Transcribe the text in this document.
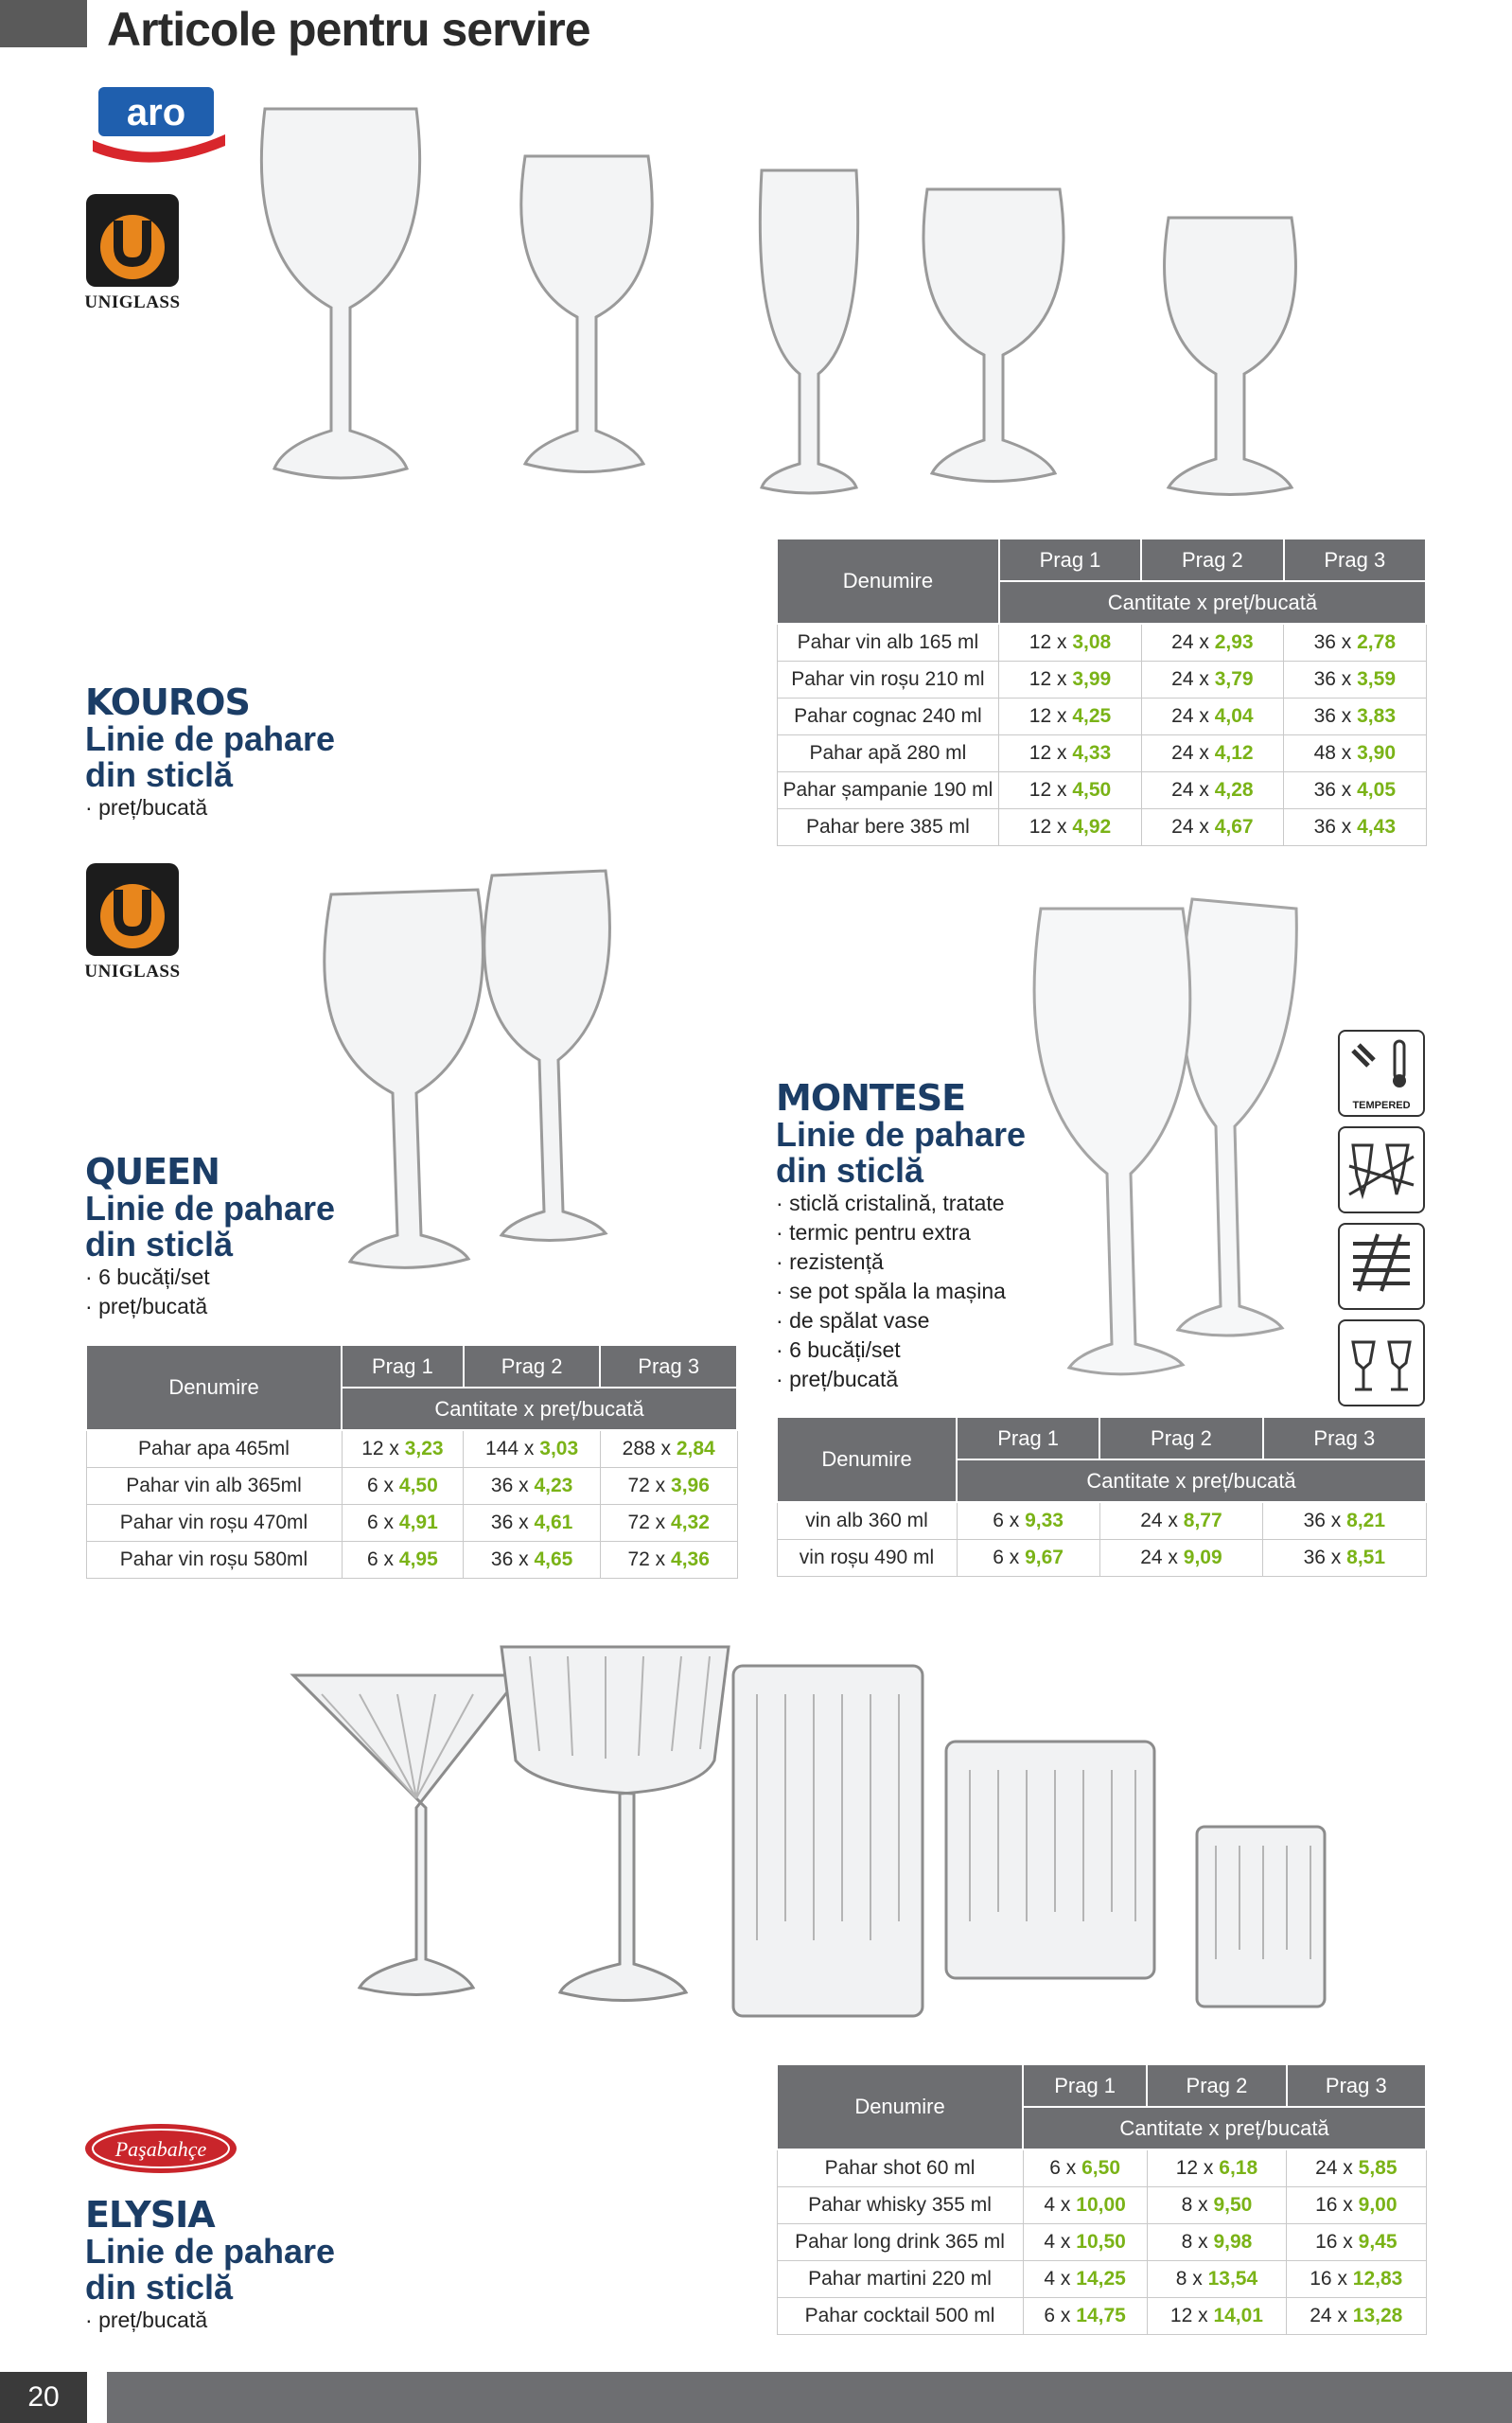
Articole pentru servire
aro
UNIGLASS
UNIGLASS
KOUROS
Linie de pahare
din sticlă
· preț/bucată
Denumire	Prag 1	Prag 2	Prag 3
	Cantitate x preț/bucată		
Pahar vin alb 165 ml	12 x 3,08	24 x 2,93	36 x 2,78
Pahar vin roșu 210 ml	12 x 3,99	24 x 3,79	36 x 3,59
Pahar cognac 240 ml	12 x 4,25	24 x 4,04	36 x 3,83
Pahar apă 280 ml	12 x 4,33	24 x 4,12	48 x 3,90
Pahar șampanie 190 ml	12 x 4,50	24 x 4,28	36 x 4,05
Pahar bere 385 ml	12 x 4,92	24 x 4,67	36 x 4,43
QUEEN
Linie de pahare
din sticlă
· 6 bucăți/set
· preț/bucată
Denumire	Prag 1	Prag 2	Prag 3
	Cantitate x preț/bucată		
Pahar apa 465ml	12 x 3,23	144 x 3,03	288 x 2,84
Pahar vin alb 365ml	6 x 4,50	36 x 4,23	72 x 3,96
Pahar vin roșu 470ml	6 x 4,91	36 x 4,61	72 x 4,32
Pahar vin roșu 580ml	6 x 4,95	36 x 4,65	72 x 4,36
MONTESE
Linie de pahare
din sticlă
· sticlă cristalină, tratate
· termic pentru extra
· rezistență
· se pot spăla la mașina
· de spălat vase
· 6 bucăți/set
· preț/bucată
TEMPERED
Denumire	Prag 1	Prag 2	Prag 3
	Cantitate x preț/bucată		
vin alb 360 ml	6 x 9,33	24 x 8,77	36 x 8,21
vin roșu 490 ml	6 x 9,67	24 x 9,09	36 x 8,51
Paşabahçe
ELYSIA
Linie de pahare
din sticlă
· preț/bucată
Denumire	Prag 1	Prag 2	Prag 3
	Cantitate x preț/bucată		
Pahar shot 60 ml	6 x 6,50	12 x 6,18	24 x 5,85
Pahar whisky 355 ml	4 x 10,00	8 x 9,50	16 x 9,00
Pahar long drink 365 ml	4 x 10,50	8 x 9,98	16 x 9,45
Pahar martini 220 ml	4 x 14,25	8 x 13,54	16 x 12,83
Pahar cocktail 500 ml	6 x 14,75	12 x 14,01	24 x 13,28
20
